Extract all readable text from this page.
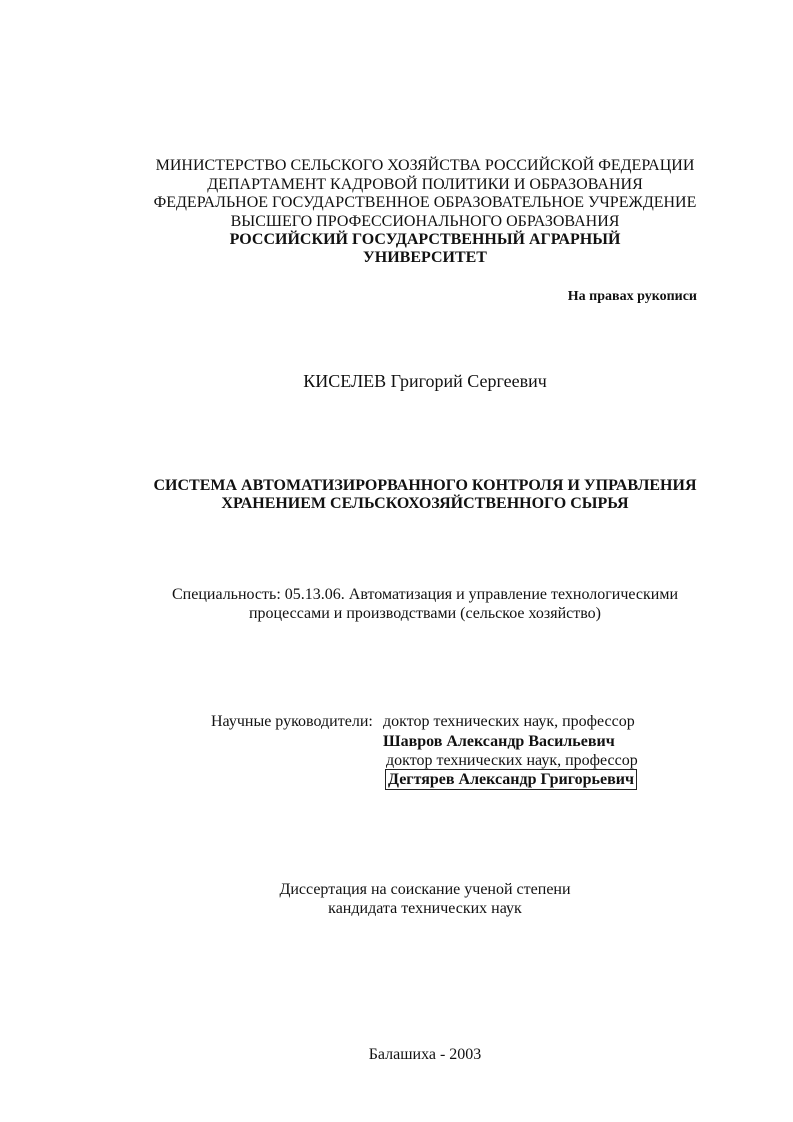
МИНИСТЕРСТВО СЕЛЬСКОГО ХОЗЯЙСТВА РОССИЙСКОЙ ФЕДЕРАЦИИ
ДЕПАРТАМЕНТ КАДРОВОЙ ПОЛИТИКИ И ОБРАЗОВАНИЯ
ФЕДЕРАЛЬНОЕ ГОСУДАРСТВЕННОЕ ОБРАЗОВАТЕЛЬНОЕ УЧРЕЖДЕНИЕ
ВЫСШЕГО ПРОФЕССИОНАЛЬНОГО ОБРАЗОВАНИЯ
РОССИЙСКИЙ ГОСУДАРСТВЕННЫЙ АГРАРНЫЙ
УНИВЕРСИТЕТ
На правах рукописи
КИСЕЛЕВ Григорий Сергеевич
СИСТЕМА АВТОМАТИЗИРОРВАННОГО КОНТРОЛЯ И УПРАВЛЕНИЯ
ХРАНЕНИЕМ СЕЛЬСКОХОЗЯЙСТВЕННОГО СЫРЬЯ
Специальность: 05.13.06. Автоматизация и управление технологическими
процессами и производствами (сельское хозяйство)
Научные руководители: доктор технических наук, профессор
Шавров Александр Васильевич
доктор технических наук, профессор
Дегтярев Александр Григорьевич
Диссертация на соискание ученой степени
кандидата технических наук
Балашиха - 2003
